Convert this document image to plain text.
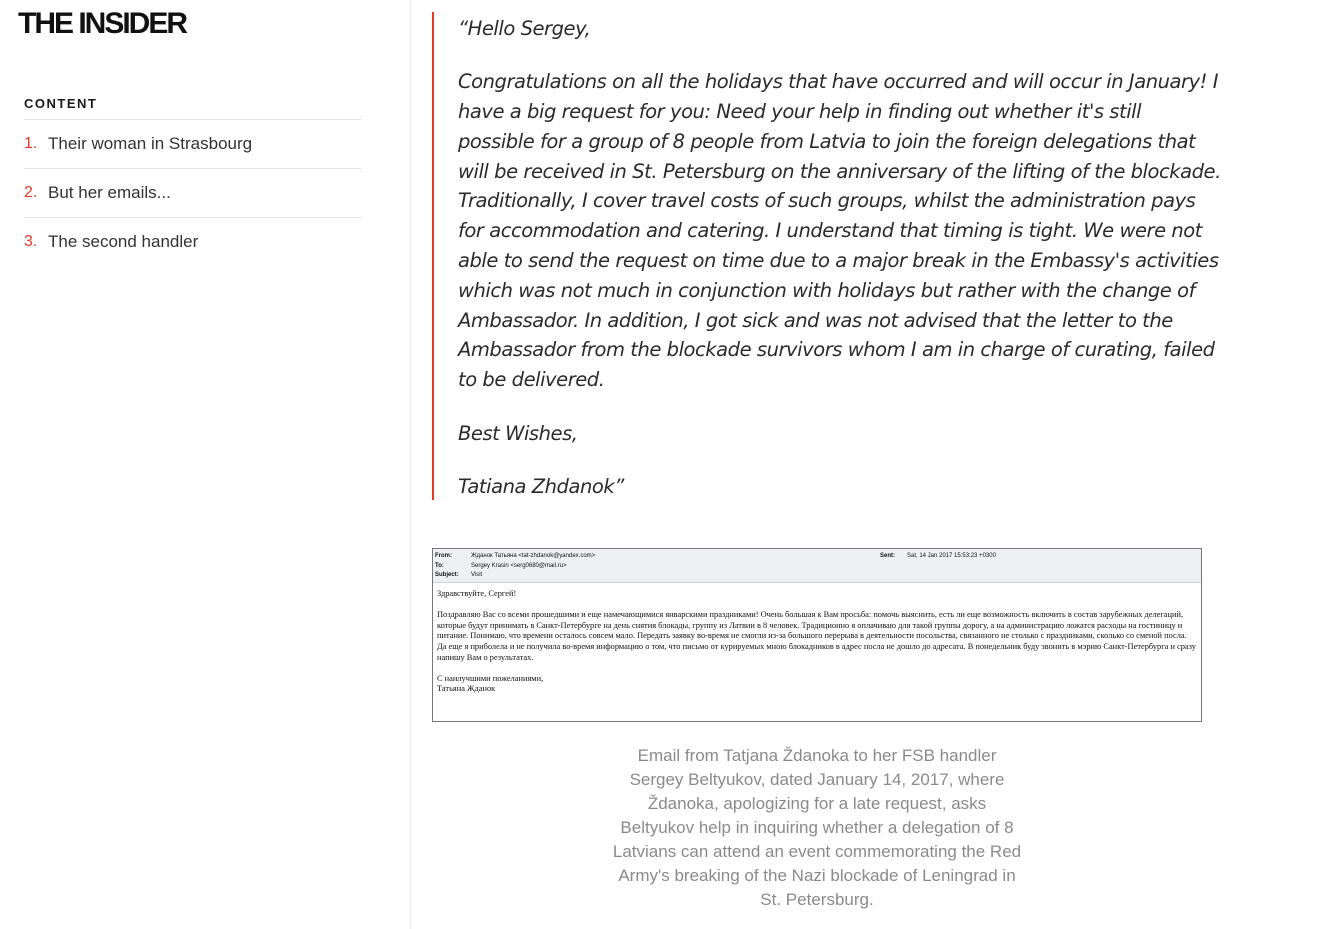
THE INSIDER
CONTENT
1. Their woman in Strasbourg
2. But her emails...
3. The second handler

“Hello Sergey,

Congratulations on all the holidays that have occurred and will occur in January! I have a big request for you: Need your help in finding out whether it's still possible for a group of 8 people from Latvia to join the foreign delegations that will be received in St. Petersburg on the anniversary of the lifting of the blockade. Traditionally, I cover travel costs of such groups, whilst the administration pays for accommodation and catering. I understand that timing is tight. We were not able to send the request on time due to a major break in the Embassy's activities which was not much in conjunction with holidays but rather with the change of Ambassador. In addition, I got sick and was not advised that the letter to the Ambassador from the blockade survivors whom I am in charge of curating, failed to be delivered.

Best Wishes,

Tatiana Zhdanok”

From:	Жданок Татьяна <tat-zhdanok@yandex.com>
To:	Sergey Krasin <serg0680@mail.ru>
Subject: Visit
Sent: Sat, 14 Jan 2017 15:53:23 +0300

Здравствуйте, Сергей!

Поздравляю Вас со всеми прошедшими и еще намечающимися январскими праздниками! Очень большая к Вам просьба: помочь выяснить, есть ли еще возможность включить в состав зарубежных делегаций, которые будут принимать в Санкт-Петербурге на день снятия блокады, группу из Латвии в 8 человек. Традиционно я оплачиваю для такой группы дорогу, а на администрацию ложатся расходы на гостиницу и питание. Понимаю, что времени осталось совсем мало. Передать заявку во-время не смогли из-за большого перерыва в деятельности посольства, связанного не столько с праздниками, сколько со сменой посла. Да еще я приболела и не получила во-время информацию о том, что письмо от курируемых мною блокадников в адрес посла не дошло до адресата. В понедельник буду звонить в мэрию Санкт-Петербурга и сразу напишу Вам о результатах.

С наилучшими пожеланиями,

Татьяна Жданок

Email from Tatjana Ždanoka to her FSB handler Sergey Beltyukov, dated January 14, 2017, where Ždanoka, apologizing for a late request, asks Beltyukov help in inquiring whether a delegation of 8 Latvians can attend an event commemorating the Red Army's breaking of the Nazi blockade of Leningrad in St. Petersburg.
